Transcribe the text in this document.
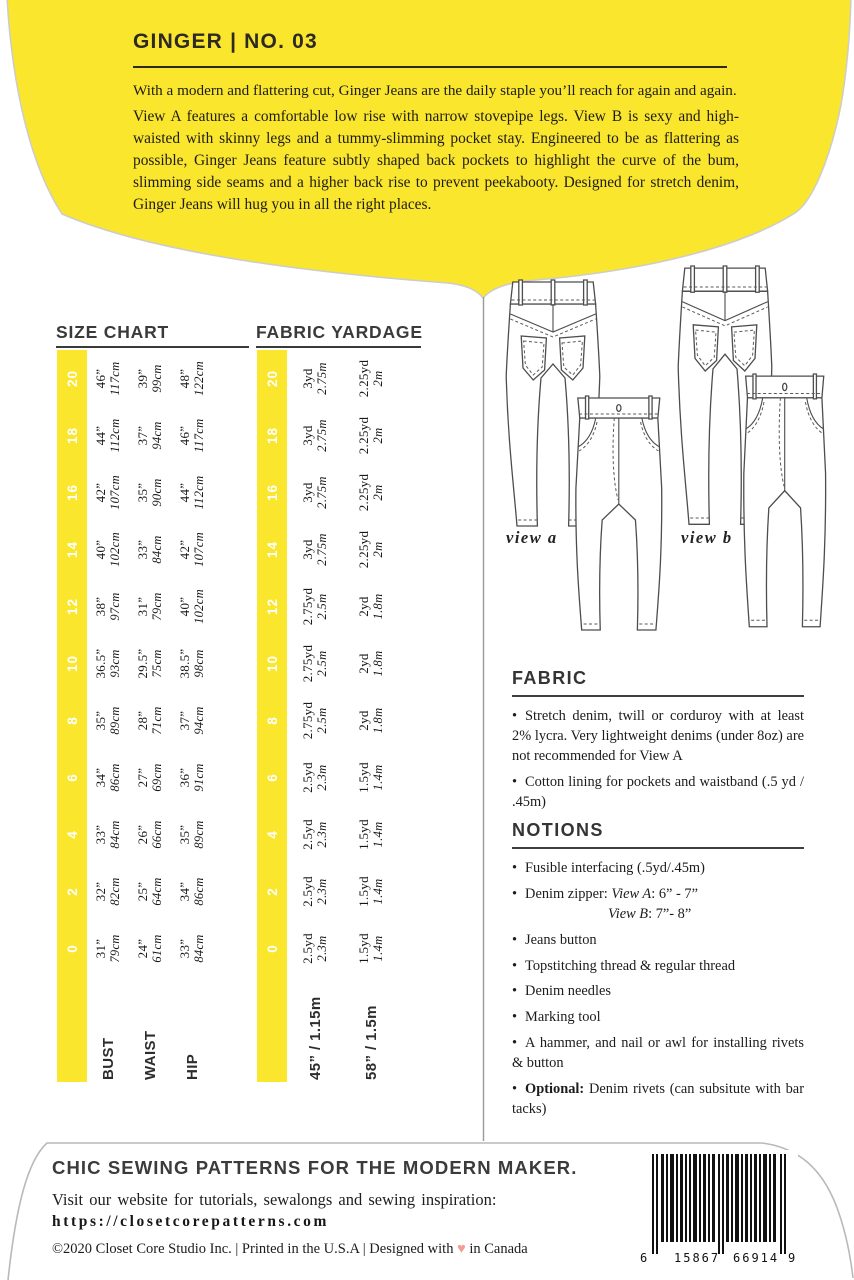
GINGER | NO. 03
With a modern and flattering cut, Ginger Jeans are the daily staple you’ll reach for again and again.
View A features a comfortable low rise with narrow stovepipe legs. View B is sexy and high-waisted with skinny legs and a tummy-slimming pocket stay. Engineered to be as flattering as possible, Ginger Jeans feature subtly shaped back pockets to highlight the curve of the bum, slimming side seams and a higher back rise to prevent peekabooty. Designed for stretch denim, Ginger Jeans will hug you in all the right places.
SIZE CHART	FABRIC YARDAGE
0
2
4
6
8
10
12
14
16
18
20
BUST
31” 79cm
32” 82cm
33” 84cm
34” 86cm
35” 89cm
36.5” 93cm
38” 97cm
40” 102cm
42” 107cm
44” 112cm
46” 117cm
WAIST
24” 61cm
25” 64cm
26” 66cm
27” 69cm
28” 71cm
29.5” 75cm
31” 79cm
33” 84cm
35” 90cm
37” 94cm
39” 99cm
HIP
33” 84cm
34” 86cm
35” 89cm
36” 91cm
37” 94cm
38.5” 98cm
40” 102cm
42” 107cm
44” 112cm
46” 117cm
48” 122cm
0
2
4
6
8
10
12
14
16
18
20
45” / 1.15m
2.5yd 2.3m
2.5yd 2.3m
2.5yd 2.3m
2.5yd 2.3m
2.75yd 2.5m
2.75yd 2.5m
2.75yd 2.5m
3yd 2.75m
3yd 2.75m
3yd 2.75m
3yd 2.75m
58” / 1.5m
1.5yd 1.4m
1.5yd 1.4m
1.5yd 1.4m
1.5yd 1.4m
2yd 1.8m
2yd 1.8m
2yd 1.8m
2.25yd 2m
2.25yd 2m
2.25yd 2m
2.25yd 2m
view a	view b
FABRIC
• Stretch denim, twill or corduroy with at least 2% lycra. Very lightweight denims (under 8oz) are not recommended for View A
• Cotton lining for pockets and waistband (.5 yd / .45m)
NOTIONS
• Fusible interfacing (.5yd/.45m)
• Denim zipper: View A: 6” - 7”
View B: 7”- 8”
• Jeans button
• Topstitching thread & regular thread
• Denim needles
• Marking tool
• A hammer, and nail or awl for installing rivets & button
• Optional: Denim rivets (can subsitute with bar tacks)
CHIC SEWING PATTERNS FOR THE MODERN MAKER.
Visit our website for tutorials, sewalongs and sewing inspiration:
https://closetcorepatterns.com
©2020 Closet Core Studio Inc. | Printed in the U.S.A | Designed with ♥ in Canada
6 15867 66914 9
